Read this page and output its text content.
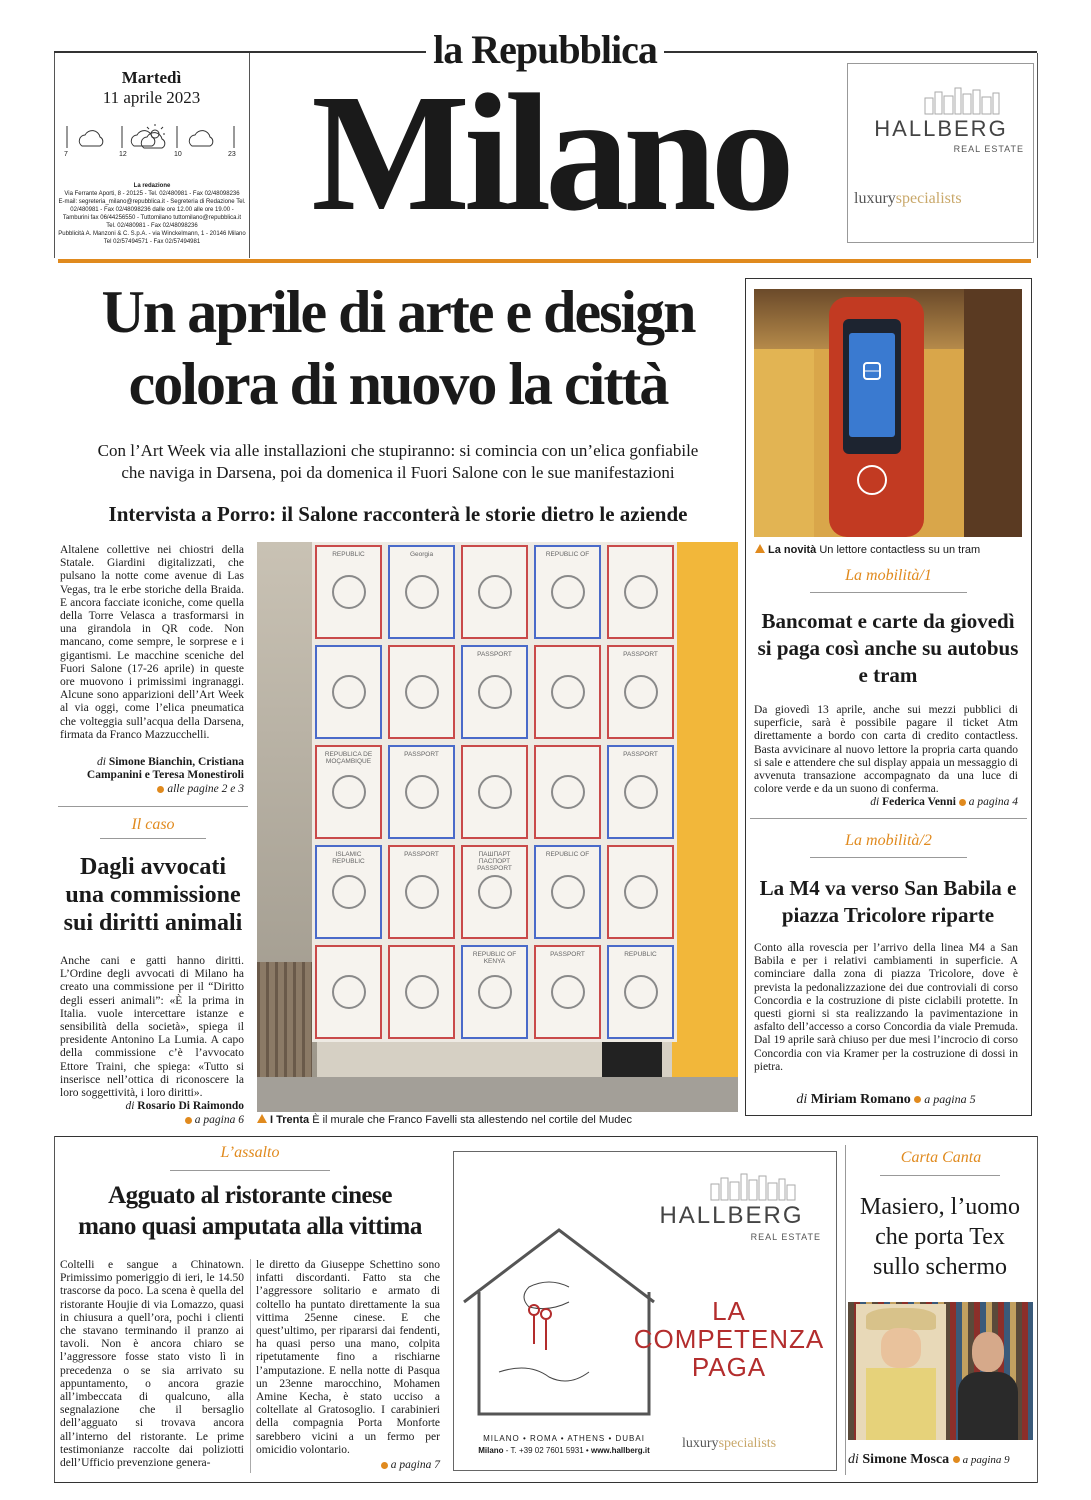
la Repubblica
Martedì
11 aprile 2023
7	12	10	23
La redazione
Via Ferrante Aporti, 8 - 20125 - Tel. 02/480981 - Fax 02/48098236
E-mail: segreteria_milano@repubblica.it - Segreteria di Redazione Tel.
02/480981 - Fax 02/48098236 dalle ore 12.00 alle ore 19.00 -
Tamburini fax 06/44256550 - Tuttomilano tuttomilano@repubblica.it
Tel. 02/480981 - Fax 02/48098236
Pubblicità A. Manzoni & C. S.p.A. - via Winckelmann, 1 - 20146 Milano
Tel 02/57494571 - Fax 02/57494981 Milano	HALLBERG
REAL ESTATE
luxuryspecialists
Un aprile di arte e design
colora di nuovo la città
Con l’Art Week via alle installazioni che stupiranno: si comincia con un’elica gonfiabile
che naviga in Darsena, poi da domenica il Fuori Salone con le sue manifestazioni
Intervista a Porro: il Salone racconterà le storie dietro le aziende
Altalene collettive nei chiostri della Statale. Giardini digitalizzati, che pulsano la notte come avenue di Las Vegas, tra le erbe storiche della Braida. E ancora facciate iconiche, come quella della Torre Velasca a trasformarsi in una girandola in QR code. Non mancano, come sempre, le sorprese e i gigantismi. Le macchine sceniche del Fuori Salone (17-26 aprile) in queste ore muovono i primissimi ingranaggi. Alcune sono apparizioni dell’Art Week al via oggi, come l’elica pneumatica che volteggia sull’acqua della Darsena, firmata da Franco Mazzucchelli.
di Simone Bianchin, Cristiana Campanini e Teresa Monestiroli
alle pagine 2 e 3
REPUBLIC	Georgia	REPUBLIC OF
PASSPORT	PASSPORT
REPÚBLICA DE MOÇAMBIQUE
PASSPORT	PASSPORT
ISLAMIC REPUBLIC
PASSPORT	ПАШПАРТ ПАСПОРТ PASSPORT
REPUBLIC OF
REPUBLIC OF KENYA
PASSPORT	REPUBLIC
I Trenta È il murale che Franco Favelli sta allestendo nel cortile del Mudec
Il caso
Dagli avvocati una commissione sui diritti animali
Anche cani e gatti hanno diritti. L’Ordine degli avvocati di Milano ha creato una commissione per il “Diritto degli esseri animali”: «È la prima in Italia. vuole intercettare istanze e sensibilità della società», spiega il presidente Antonino La Lumia. A capo della commissione c’è l’avvocato Ettore Traini, che spiega: «Tutto si inserisce nell’ottica di riconoscere la loro soggettività, i loro diritti».
di Rosario Di Raimondo
a pagina 6
La novità Un lettore contactless su un tram
La mobilità/1
Bancomat e carte da giovedì si paga così anche su autobus e tram
Da giovedì 13 aprile, anche sui mezzi pubblici di superficie, sarà è possibile pagare il ticket Atm direttamente a bordo con carta di credito contactless. Basta avvicinare al nuovo lettore la propria carta quando si sale e attendere che sul display appaia un messaggio di avvenuta transazione accompagnato da una luce di colore verde e da un suono di conferma.
di Federica Venni a pagina 4
La mobilità/2
La M4 va verso San Babila e piazza Tricolore riparte
Conto alla rovescia per l’arrivo della linea M4 a San Babila e per i relativi cambiamenti in superficie. A cominciare dalla zona di piazza Tricolore, dove è prevista la pedonalizzazione dei due controviali di corso Concordia e la costruzione di piste ciclabili protette. In questi giorni si sta realizzando la pavimentazione in asfalto dell’accesso a corso Concordia da viale Premuda. Dal 19 aprile sarà chiuso per due mesi l’incrocio di corso Concordia con via Kramer per la costruzione di dossi in pietra.
di Miriam Romano a pagina 5
L’assalto
Agguato al ristorante cinese
mano quasi amputata alla vittima
Coltelli e sangue a Chinatown. Primissimo pomeriggio di ieri, le 14.50 trascorse da poco. La scena è quella del ristorante Houjie di via Lomazzo, quasi in chiusura a quell’ora, pochi i clienti che stavano terminando il pranzo ai tavoli. Non è ancora chiaro se l’aggressore fosse stato visto lì in precedenza o se sia arrivato su appuntamento, o ancora grazie all’imbeccata di qualcuno, alla segnalazione che il bersaglio dell’agguato si trovava ancora all’interno del ristorante. Le prime testimonianze raccolte dai poliziotti dell’Ufficio prevenzione genera-
le diretto da Giuseppe Schettino sono infatti discordanti. Fatto sta che l’aggressore solitario e armato di coltello ha puntato direttamente la sua vittima 25enne cinese. E che quest’ultimo, per ripararsi dai fendenti, ha quasi perso una mano, colpita ripetutamente fino a rischiarne l’amputazione. E nella notte di Pasqua un 23enne marocchino, Mohamen Amine Kecha, è stato ucciso a coltellate al Gratosoglio. I carabinieri della compagnia Porta Monforte sarebbero vicini a un fermo per omicidio volontario.
a pagina 7
HALLBERG
REAL ESTATE
LA
COMPETENZA
PAGA
MILANO • ROMA • ATHENS • DUBAI
Milano - T. +39 02 7601 5931 • www.hallberg.it	luxuryspecialists
Carta Canta
Masiero, l’uomo che porta Tex sullo schermo
di Simone Mosca a pagina 9
